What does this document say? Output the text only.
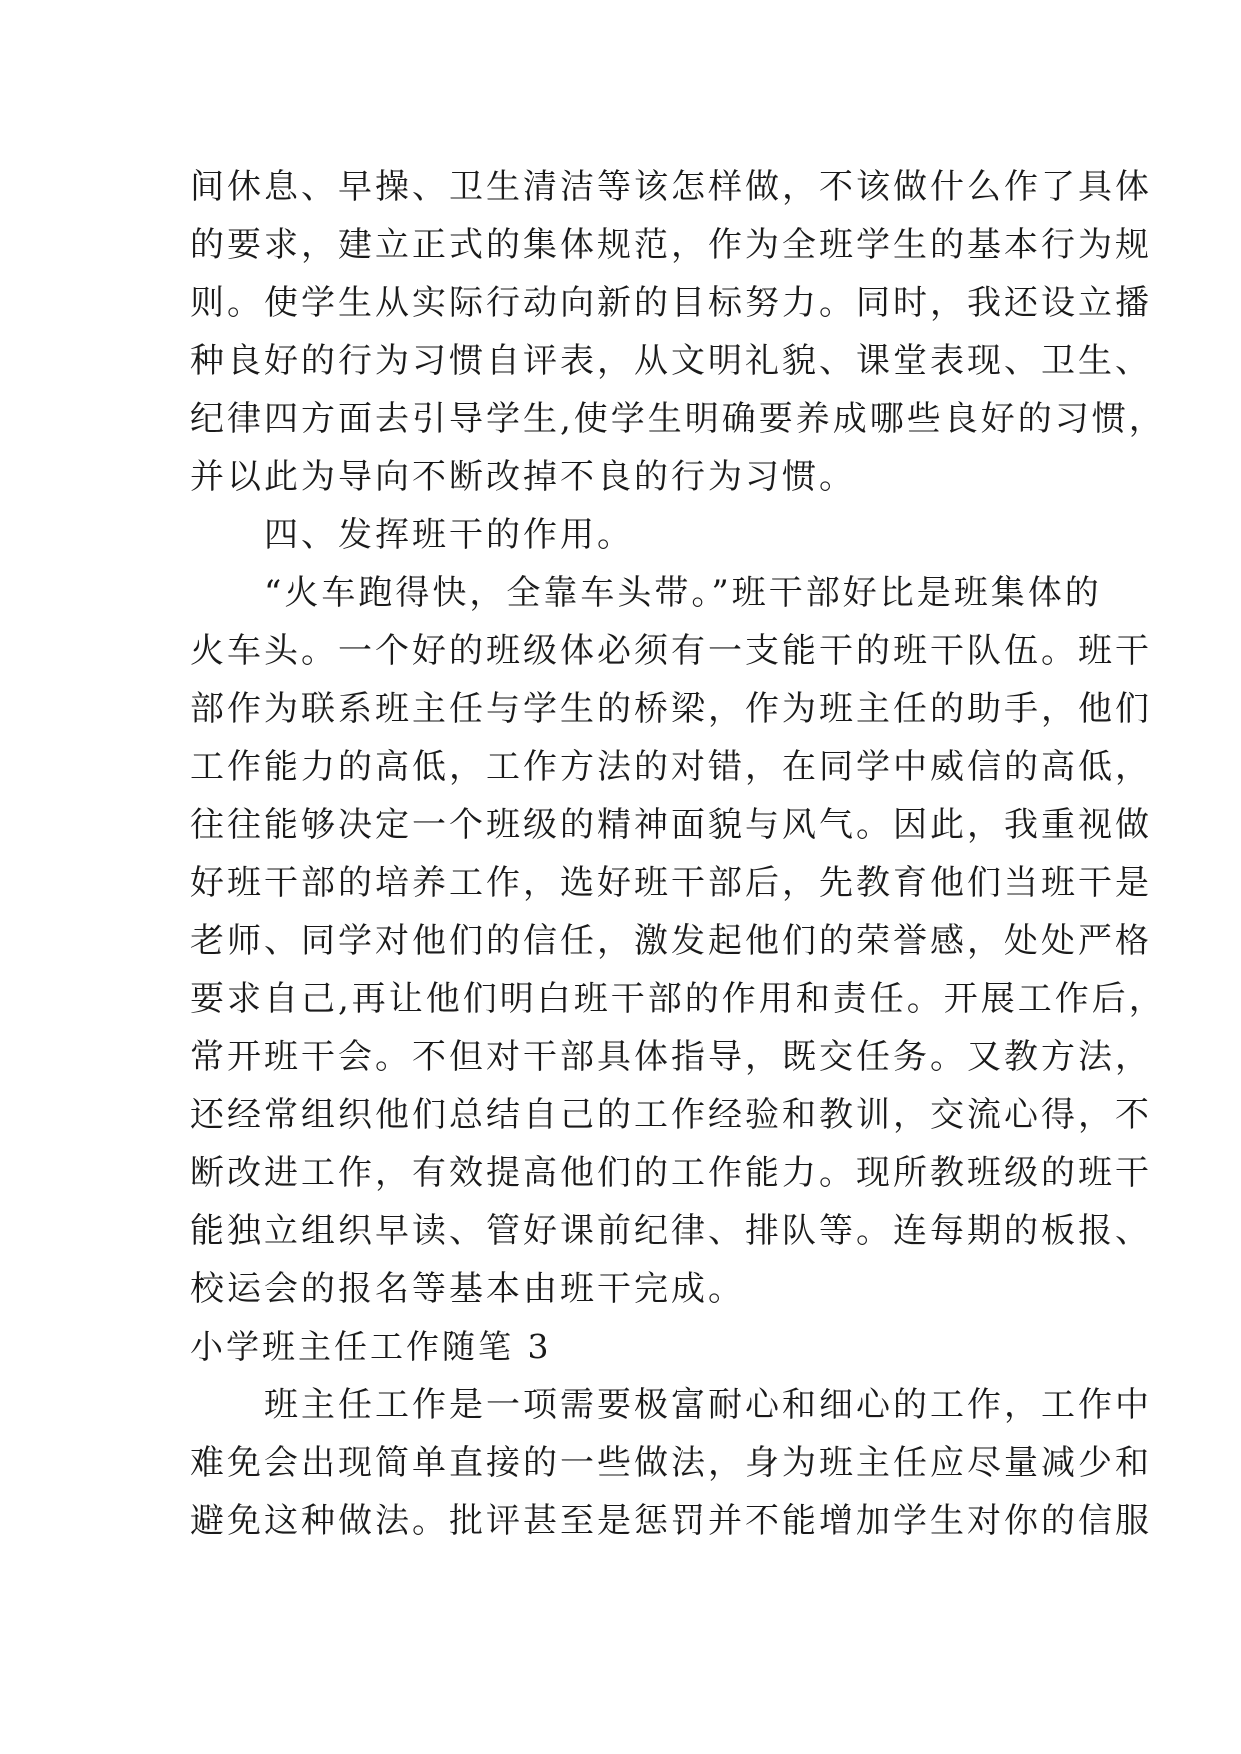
间休息、早操、卫生清洁等该怎样做，不该做什么作了具体
的要求，建立正式的集体规范，作为全班学生的基本行为规
则。使学生从实际行动向新的目标努力。同时，我还设立播
种良好的行为习惯自评表，从文明礼貌、课堂表现、卫生、
纪律四方面去引导学生,使学生明确要养成哪些良好的习惯，
并以此为导向不断改掉不良的行为习惯。
　　四、发挥班干的作用。
　　“火车跑得快，全靠车头带。”班干部好比是班集体的
火车头。一个好的班级体必须有一支能干的班干队伍。班干
部作为联系班主任与学生的桥梁，作为班主任的助手，他们
工作能力的高低，工作方法的对错，在同学中威信的高低，
往往能够决定一个班级的精神面貌与风气。因此，我重视做
好班干部的培养工作，选好班干部后，先教育他们当班干是
老师、同学对他们的信任，激发起他们的荣誉感，处处严格
要求自己,再让他们明白班干部的作用和责任。开展工作后，
常开班干会。不但对干部具体指导，既交任务。又教方法，
还经常组织他们总结自己的工作经验和教训，交流心得，不
断改进工作，有效提高他们的工作能力。现所教班级的班干
能独立组织早读、管好课前纪律、排队等。连每期的板报、
校运会的报名等基本由班干完成。
小学班主任工作随笔 3
　　班主任工作是一项需要极富耐心和细心的工作，工作中
难免会出现简单直接的一些做法，身为班主任应尽量减少和
避免这种做法。批评甚至是惩罚并不能增加学生对你的信服
